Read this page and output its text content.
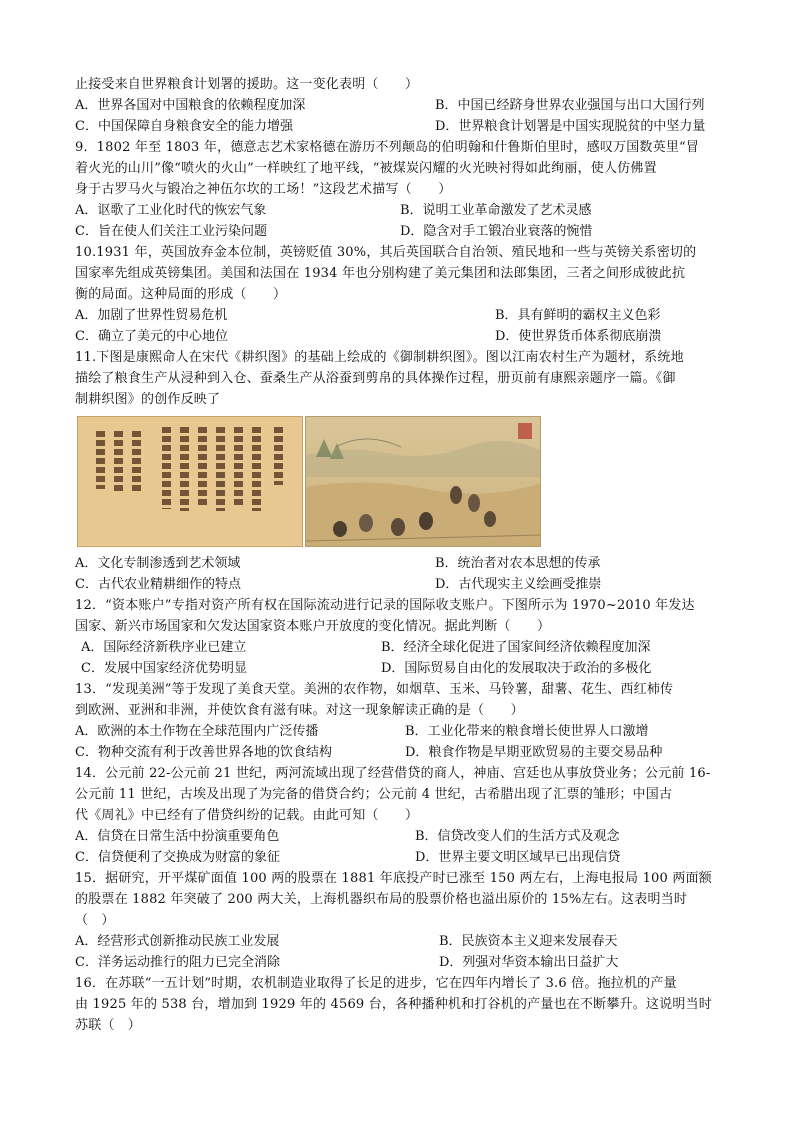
止接受来自世界粮食计划署的援助。这一变化表明（　　）

A．世界各国对中国粮食的依赖程度加深	B．中国已经跻身世界农业强国与出口大国行列
C．中国保障自身粮食安全的能力增强	D．世界粮食计划署是中国实现脱贫的中坚力量

9．1802 年至 1803 年，德意志艺术家格德在游历不列颠岛的伯明翰和什鲁斯伯里时，感叹万国数英里“冒

着火光的山川”像“喷火的火山”一样映红了地平线，“被煤炭闪耀的火光映衬得如此绚丽，使人仿佛置

身于古罗马火与锻冶之神伍尔坎的工场！”这段艺术描写（　　）

A．讴歌了工业化时代的恢宏气象	B．说明工业革命激发了艺术灵感
C．旨在使人们关注工业污染问题	D．隐含对手工锻冶业衰落的惋惜

10.1931 年，英国放弃金本位制，英镑贬值 30%，其后英国联合自治领、殖民地和一些与英镑关系密切的

国家率先组成英镑集团。美国和法国在 1934 年也分别构建了美元集团和法郎集团，三者之间形成彼此抗

衡的局面。这种局面的形成（　　）

A．加剧了世界性贸易危机	B．具有鲜明的霸权主义色彩
C．确立了美元的中心地位	D．使世界货币体系彻底崩溃

11.下图是康熙命人在宋代《耕织图》的基础上绘成的《御制耕织图》。图以江南农村生产为题材，系统地

描绘了粮食生产从浸种到入仓、蚕桑生产从浴蚕到剪帛的具体操作过程，册页前有康熙亲题序一篇。《御

制耕织图》的创作反映了

A．文化专制渗透到艺术领域	B．统治者对农本思想的传承
C．古代农业精耕细作的特点	D．古代现实主义绘画受推崇

12．“资本账户”专指对资产所有权在国际流动进行记录的国际收支账户。下图所示为 1970~2010 年发达

国家、新兴市场国家和欠发达国家资本账户开放度的变化情况。据此判断（　　）

A．国际经济新秩序业已建立	B．经济全球化促进了国家间经济依赖程度加深
C．发展中国家经济优势明显	D．国际贸易自由化的发展取决于政治的多极化

13．“发现美洲”等于发现了美食天堂。美洲的农作物，如烟草、玉米、马铃薯，甜薯、花生、西红柿传

到欧洲、亚洲和非洲，并使饮食有滋有味。对这一现象解读正确的是（　　）

A．欧洲的本土作物在全球范围内广泛传播	B．工业化带来的粮食增长使世界人口激增
C．物种交流有利于改善世界各地的饮食结构	D．粮食作物是早期亚欧贸易的主要交易品种

14．公元前 22-公元前 21 世纪，两河流域出现了经营借贷的商人，神庙、宫廷也从事放贷业务；公元前 16-

公元前 11 世纪，古埃及出现了为完备的借贷合约；公元前 4 世纪，古希腊出现了汇票的雏形；中国古

代《周礼》中已经有了借贷纠纷的记载。由此可知（　　）

A．信贷在日常生活中扮演重要角色	B．信贷改变人们的生活方式及观念
C．信贷便利了交换成为财富的象征	D．世界主要文明区域早已出现信贷

15．据研究，开平煤矿面值 100 两的股票在 1881 年底投产时已涨至 150 两左右，上海电报局 100 两面额

的股票在 1882 年突破了 200 两大关，上海机器织布局的股票价格也溢出原价的 15%左右。这表明当时

（　）

A．经营形式创新推动民族工业发展	B．民族资本主义迎来发展春天
C．洋务运动推行的阻力已完全消除	D．列强对华资本输出日益扩大

16．在苏联“一五计划”时期，农机制造业取得了长足的进步，它在四年内增长了 3.6 倍。拖拉机的产量

由 1925 年的 538 台，增加到 1929 年的 4569 台，各种播种机和打谷机的产量也在不断攀升。这说明当时

苏联（　）
